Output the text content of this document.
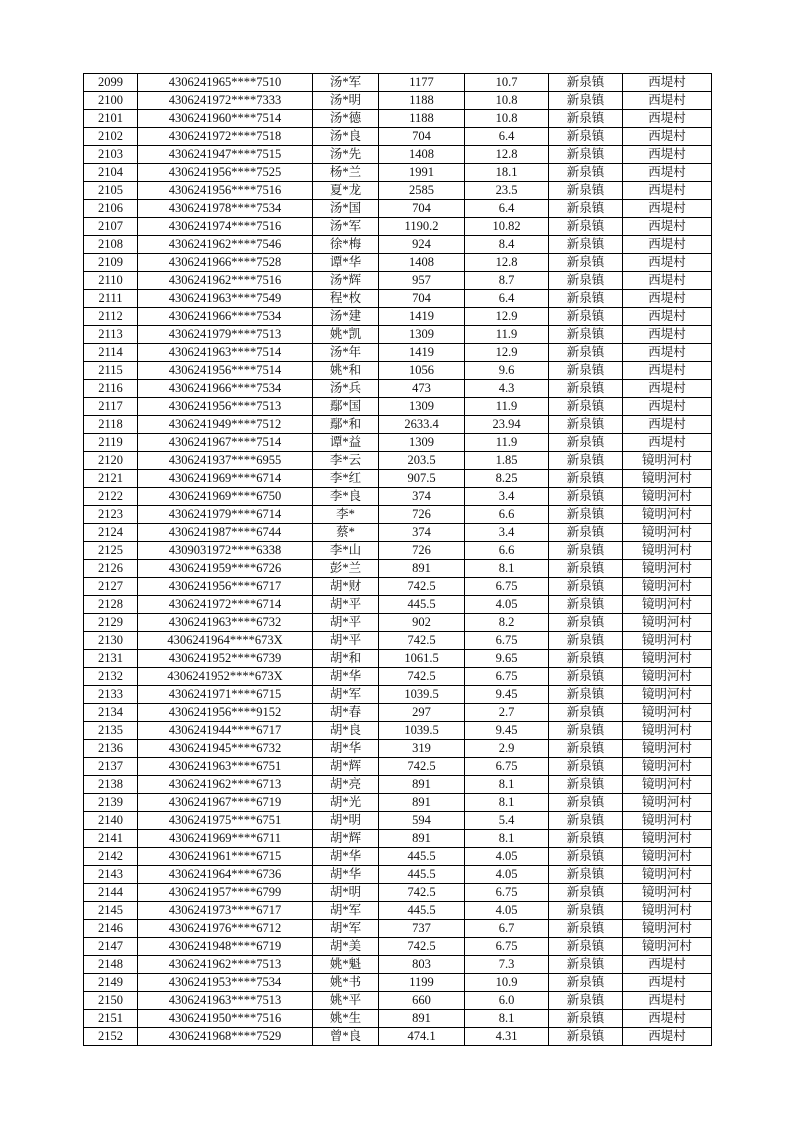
2099	4306241965****7510	汤*军	1177	10.7	新泉镇	西堤村
2100	4306241972****7333	汤*明	1188	10.8	新泉镇	西堤村
2101	4306241960****7514	汤*德	1188	10.8	新泉镇	西堤村
2102	4306241972****7518	汤*良	704	6.4	新泉镇	西堤村
2103	4306241947****7515	汤*先	1408	12.8	新泉镇	西堤村
2104	4306241956****7525	杨*兰	1991	18.1	新泉镇	西堤村
2105	4306241956****7516	夏*龙	2585	23.5	新泉镇	西堤村
2106	4306241978****7534	汤*国	704	6.4	新泉镇	西堤村
2107	4306241974****7516	汤*军	1190.2	10.82	新泉镇	西堤村
2108	4306241962****7546	徐*梅	924	8.4	新泉镇	西堤村
2109	4306241966****7528	谭*华	1408	12.8	新泉镇	西堤村
2110	4306241962****7516	汤*辉	957	8.7	新泉镇	西堤村
2111	4306241963****7549	程*枚	704	6.4	新泉镇	西堤村
2112	4306241966****7534	汤*建	1419	12.9	新泉镇	西堤村
2113	4306241979****7513	姚*凯	1309	11.9	新泉镇	西堤村
2114	4306241963****7514	汤*年	1419	12.9	新泉镇	西堤村
2115	4306241956****7514	姚*和	1056	9.6	新泉镇	西堤村
2116	4306241966****7534	汤*兵	473	4.3	新泉镇	西堤村
2117	4306241956****7513	鄢*国	1309	11.9	新泉镇	西堤村
2118	4306241949****7512	鄢*和	2633.4	23.94	新泉镇	西堤村
2119	4306241967****7514	谭*益	1309	11.9	新泉镇	西堤村
2120	4306241937****6955	李*云	203.5	1.85	新泉镇	镜明河村
2121	4306241969****6714	李*红	907.5	8.25	新泉镇	镜明河村
2122	4306241969****6750	李*良	374	3.4	新泉镇	镜明河村
2123	4306241979****6714	李*	726	6.6	新泉镇	镜明河村
2124	4306241987****6744	蔡*	374	3.4	新泉镇	镜明河村
2125	4309031972****6338	李*山	726	6.6	新泉镇	镜明河村
2126	4306241959****6726	彭*兰	891	8.1	新泉镇	镜明河村
2127	4306241956****6717	胡*财	742.5	6.75	新泉镇	镜明河村
2128	4306241972****6714	胡*平	445.5	4.05	新泉镇	镜明河村
2129	4306241963****6732	胡*平	902	8.2	新泉镇	镜明河村
2130	4306241964****673X	胡*平	742.5	6.75	新泉镇	镜明河村
2131	4306241952****6739	胡*和	1061.5	9.65	新泉镇	镜明河村
2132	4306241952****673X	胡*华	742.5	6.75	新泉镇	镜明河村
2133	4306241971****6715	胡*军	1039.5	9.45	新泉镇	镜明河村
2134	4306241956****9152	胡*春	297	2.7	新泉镇	镜明河村
2135	4306241944****6717	胡*良	1039.5	9.45	新泉镇	镜明河村
2136	4306241945****6732	胡*华	319	2.9	新泉镇	镜明河村
2137	4306241963****6751	胡*辉	742.5	6.75	新泉镇	镜明河村
2138	4306241962****6713	胡*亮	891	8.1	新泉镇	镜明河村
2139	4306241967****6719	胡*光	891	8.1	新泉镇	镜明河村
2140	4306241975****6751	胡*明	594	5.4	新泉镇	镜明河村
2141	4306241969****6711	胡*辉	891	8.1	新泉镇	镜明河村
2142	4306241961****6715	胡*华	445.5	4.05	新泉镇	镜明河村
2143	4306241964****6736	胡*华	445.5	4.05	新泉镇	镜明河村
2144	4306241957****6799	胡*明	742.5	6.75	新泉镇	镜明河村
2145	4306241973****6717	胡*军	445.5	4.05	新泉镇	镜明河村
2146	4306241976****6712	胡*军	737	6.7	新泉镇	镜明河村
2147	4306241948****6719	胡*美	742.5	6.75	新泉镇	镜明河村
2148	4306241962****7513	姚*魁	803	7.3	新泉镇	西堤村
2149	4306241953****7534	姚*书	1199	10.9	新泉镇	西堤村
2150	4306241963****7513	姚*平	660	6.0	新泉镇	西堤村
2151	4306241950****7516	姚*生	891	8.1	新泉镇	西堤村
2152	4306241968****7529	曾*良	474.1	4.31	新泉镇	西堤村
